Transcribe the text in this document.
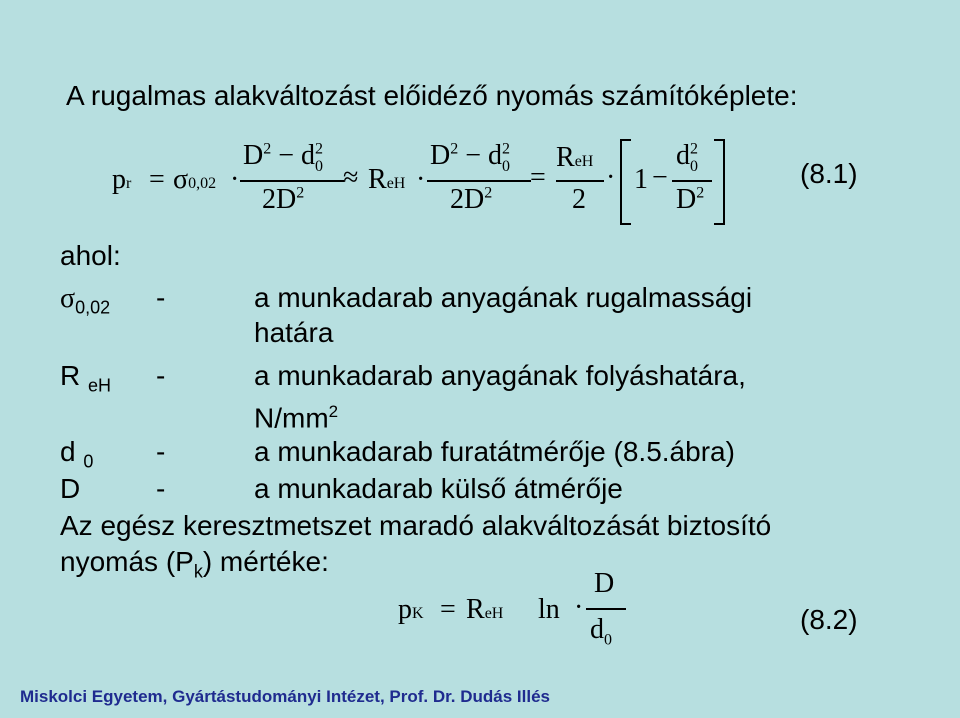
A rugalmas alakváltozást előidéző nyomás számítóképlete:
pr = σ0,02 ·
$D^2 - d^2_0$
$2D^2$
≈ ReH ·
$D^2 - d^2_0$
$2D^2$
=
ReH
2
· 1 −
$d^2_0$
$D^2$
(8.1)
ahol:
$\sigma_{0,02}$ -	a munkadarab anyagának rugalmassági
határa
R $_{eH}$ -	a munkadarab anyagának folyáshatára,
$N/mm^2$
d $_0$ -	a munkadarab furatátmérője (8.5.ábra)
D	-	a munkadarab külső átmérője
Az egész keresztmetszet maradó alakváltozását biztosító
nyomás $(P_k)$ mértéke:
pK = ReH ln ·
D
$d_0$
(8.2)
Miskolci Egyetem, Gyártástudományi Intézet, Prof. Dr. Dudás Illés
